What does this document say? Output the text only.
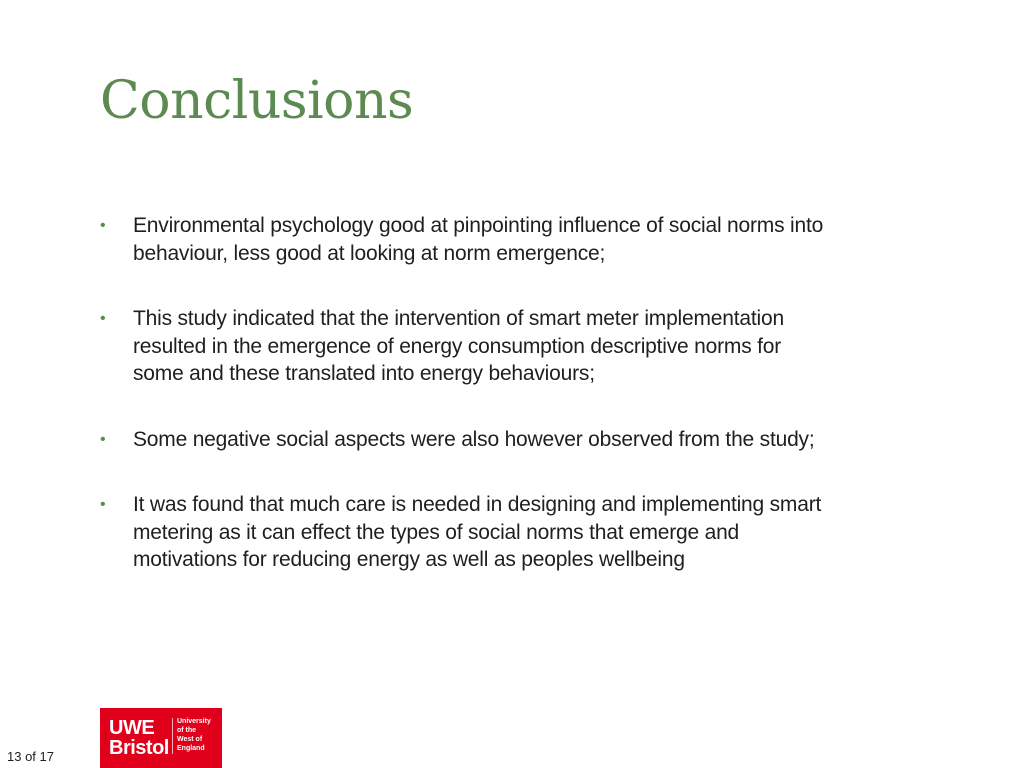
Conclusions
• Environmental psychology good at pinpointing influence of social norms into behaviour, less good at looking at norm emergence;
• This study indicated that the intervention of smart meter implementation resulted in the emergence of energy consumption descriptive norms for some and these translated into energy behaviours;
• Some negative social aspects were also however observed from the study;
• It was found that much care is needed in designing and implementing smart metering as it can effect the types of social norms that emerge and motivations for reducing energy as well as peoples wellbeing
UWE
Bristol
University
of the
West of
England
13 of 17
